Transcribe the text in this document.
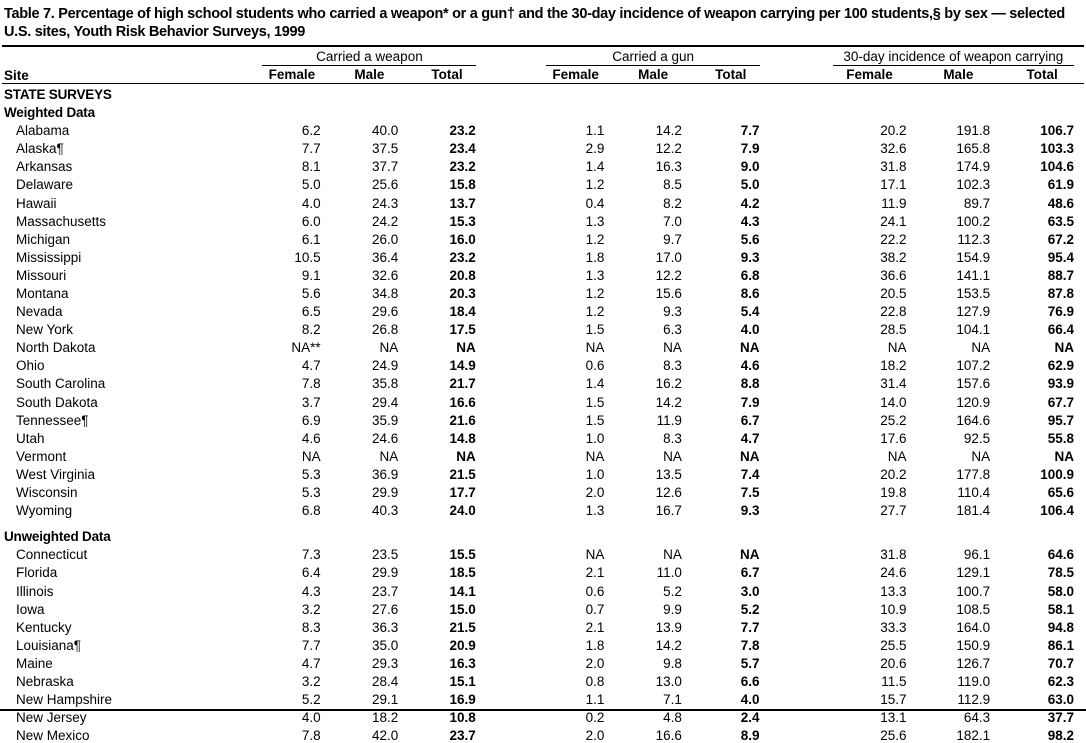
Table 7. Percentage of high school students who carried a weapon* or a gun† and the 30-day incidence of weapon carrying per 100 students,§ by sex — selected U.S. sites, Youth Risk Behavior Surveys, 1999
	Carried a weapon				Carried a gun				30-day incidence of weapon carrying		
Site	Female	Male	Total		Female	Male	Total		Female	Male	Total
STATE SURVEYS											
Weighted Data											
Alabama	6.2	40.0	23.2		1.1	14.2	7.7		20.2	191.8	106.7
Alaska¶	7.7	37.5	23.4		2.9	12.2	7.9		32.6	165.8	103.3
Arkansas	8.1	37.7	23.2		1.4	16.3	9.0		31.8	174.9	104.6
Delaware	5.0	25.6	15.8		1.2	8.5	5.0		17.1	102.3	61.9
Hawaii	4.0	24.3	13.7		0.4	8.2	4.2		11.9	89.7	48.6
Massachusetts	6.0	24.2	15.3		1.3	7.0	4.3		24.1	100.2	63.5
Michigan	6.1	26.0	16.0		1.2	9.7	5.6		22.2	112.3	67.2
Mississippi	10.5	36.4	23.2		1.8	17.0	9.3		38.2	154.9	95.4
Missouri	9.1	32.6	20.8		1.3	12.2	6.8		36.6	141.1	88.7
Montana	5.6	34.8	20.3		1.2	15.6	8.6		20.5	153.5	87.8
Nevada	6.5	29.6	18.4		1.2	9.3	5.4		22.8	127.9	76.9
New York	8.2	26.8	17.5		1.5	6.3	4.0		28.5	104.1	66.4
North Dakota	NA**	NA	NA		NA	NA	NA		NA	NA	NA
Ohio	4.7	24.9	14.9		0.6	8.3	4.6		18.2	107.2	62.9
South Carolina	7.8	35.8	21.7		1.4	16.2	8.8		31.4	157.6	93.9
South Dakota	3.7	29.4	16.6		1.5	14.2	7.9		14.0	120.9	67.7
Tennessee¶	6.9	35.9	21.6		1.5	11.9	6.7		25.2	164.6	95.7
Utah	4.6	24.6	14.8		1.0	8.3	4.7		17.6	92.5	55.8
Vermont	NA	NA	NA		NA	NA	NA		NA	NA	NA
West Virginia	5.3	36.9	21.5		1.0	13.5	7.4		20.2	177.8	100.9
Wisconsin	5.3	29.9	17.7		2.0	12.6	7.5		19.8	110.4	65.6
Wyoming	6.8	40.3	24.0		1.3	16.7	9.3		27.7	181.4	106.4

Unweighted Data											
Connecticut	7.3	23.5	15.5		NA	NA	NA		31.8	96.1	64.6
Florida	6.4	29.9	18.5		2.1	11.0	6.7		24.6	129.1	78.5
Illinois	4.3	23.7	14.1		0.6	5.2	3.0		13.3	100.7	58.0
Iowa	3.2	27.6	15.0		0.7	9.9	5.2		10.9	108.5	58.1
Kentucky	8.3	36.3	21.5		2.1	13.9	7.7		33.3	164.0	94.8
Louisiana¶	7.7	35.0	20.9		1.8	14.2	7.8		25.5	150.9	86.1
Maine	4.7	29.3	16.3		2.0	9.8	5.7		20.6	126.7	70.7
Nebraska	3.2	28.4	15.1		0.8	13.0	6.6		11.5	119.0	62.3
New Hampshire	5.2	29.1	16.9		1.1	7.1	4.0		15.7	112.9	63.0
New Jersey	4.0	18.2	10.8		0.2	4.8	2.4		13.1	64.3	37.7
New Mexico	7.8	42.0	23.7		2.0	16.6	8.9		25.6	182.1	98.2
